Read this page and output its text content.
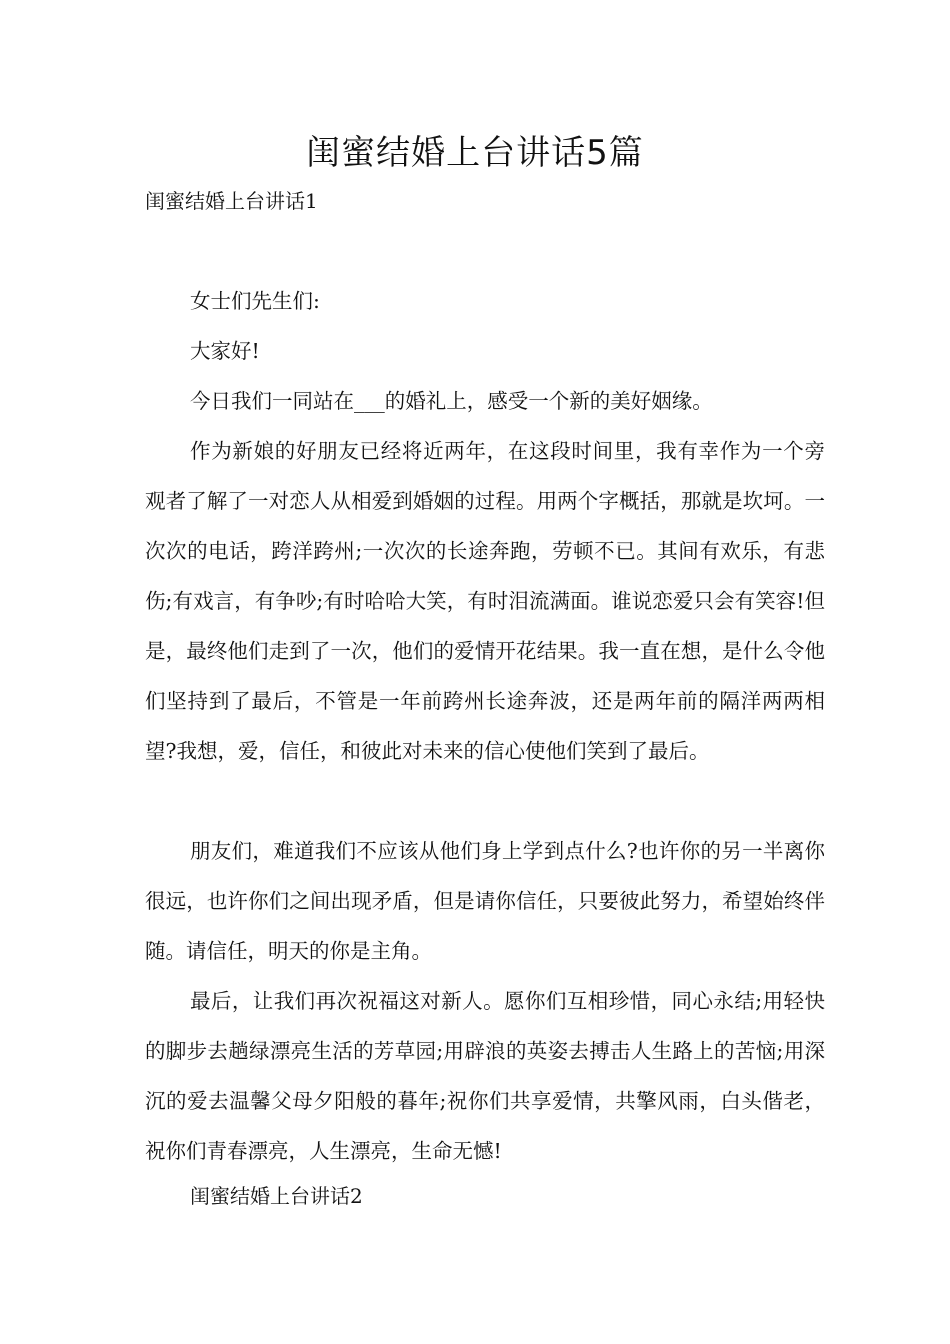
闺蜜结婚上台讲话5篇
闺蜜结婚上台讲话1

女士们先生们:

大家好!

今日我们一同站在___的婚礼上，感受一个新的美好姻缘。

作为新娘的好朋友已经将近两年，在这段时间里，我有幸作为一个旁观者了解了一对恋人从相爱到婚姻的过程。用两个字概括，那就是坎坷。一次次的电话，跨洋跨州;一次次的长途奔跑，劳顿不已。其间有欢乐，有悲伤;有戏言，有争吵;有时哈哈大笑，有时泪流满面。谁说恋爱只会有笑容!但是，最终他们走到了一次，他们的爱情开花结果。我一直在想，是什么令他们坚持到了最后，不管是一年前跨州长途奔波，还是两年前的隔洋两两相望?我想，爱，信任，和彼此对未来的信心使他们笑到了最后。

朋友们，难道我们不应该从他们身上学到点什么?也许你的另一半离你很远，也许你们之间出现矛盾，但是请你信任，只要彼此努力，希望始终伴随。请信任，明天的你是主角。

最后，让我们再次祝福这对新人。愿你们互相珍惜，同心永结;用轻快的脚步去趟绿漂亮生活的芳草园;用辟浪的英姿去搏击人生路上的苦恼;用深沉的爱去温馨父母夕阳般的暮年;祝你们共享爱情，共擎风雨，白头偕老，祝你们青春漂亮，人生漂亮，生命无憾!

闺蜜结婚上台讲话2
